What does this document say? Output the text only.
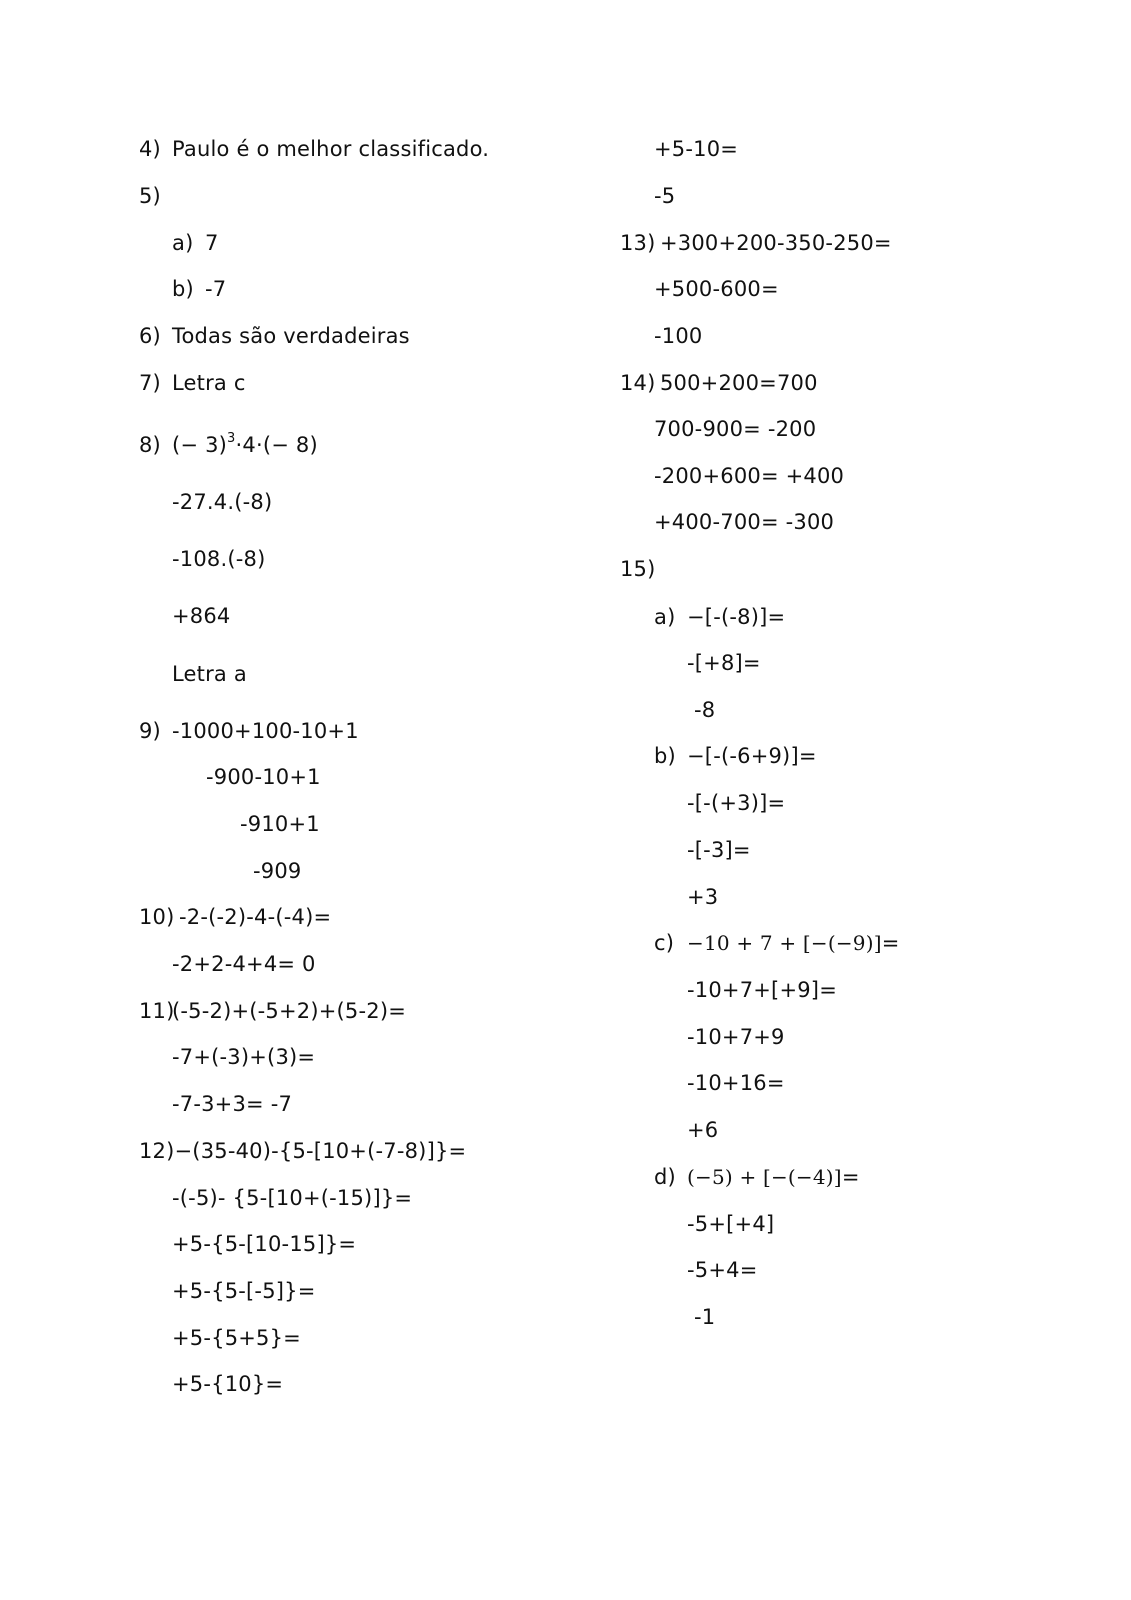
4) Paulo é o melhor classificado.
5)
a) 7
b) -7
6) Todas são verdadeiras
7) Letra c
8) (− 3)$^3$·4·(− 8)
-27.4.(-8)
-108.(-8)
+864
Letra a
9) -1000+100-10+1
-900-10+1
-910+1
-909
10) -2-(-2)-4-(-4)=
-2+2-4+4= 0
11)
(-5-2)+(-5+2)+(5-2)=
-7+(-3)+(3)=
-7-3+3= -7
12)−(35-40)-{5-[10+(-7-8)]}=
-(-5)- {5-[10+(-15)]}=
+5-{5-[10-15]}=
+5-{5-[-5]}=
+5-{5+5}=
+5-{10}=
+5-10=
-5
13) +300+200-350-250=
+500-600=
-100
14) 500+200=700
700-900= -200
-200+600= +400
+400-700= -300
15)
a) −[-(-8)]=
-[+8]=
-8
b) −[-(-6+9)]=
-[-(+3)]=
-[-3]=
+3
c) −10 + 7 + [−(−9)]=
-10+7+[+9]=
-10+7+9
-10+16=
+6
d) (−5) + [−(−4)]=
-5+[+4]
-5+4=
-1
